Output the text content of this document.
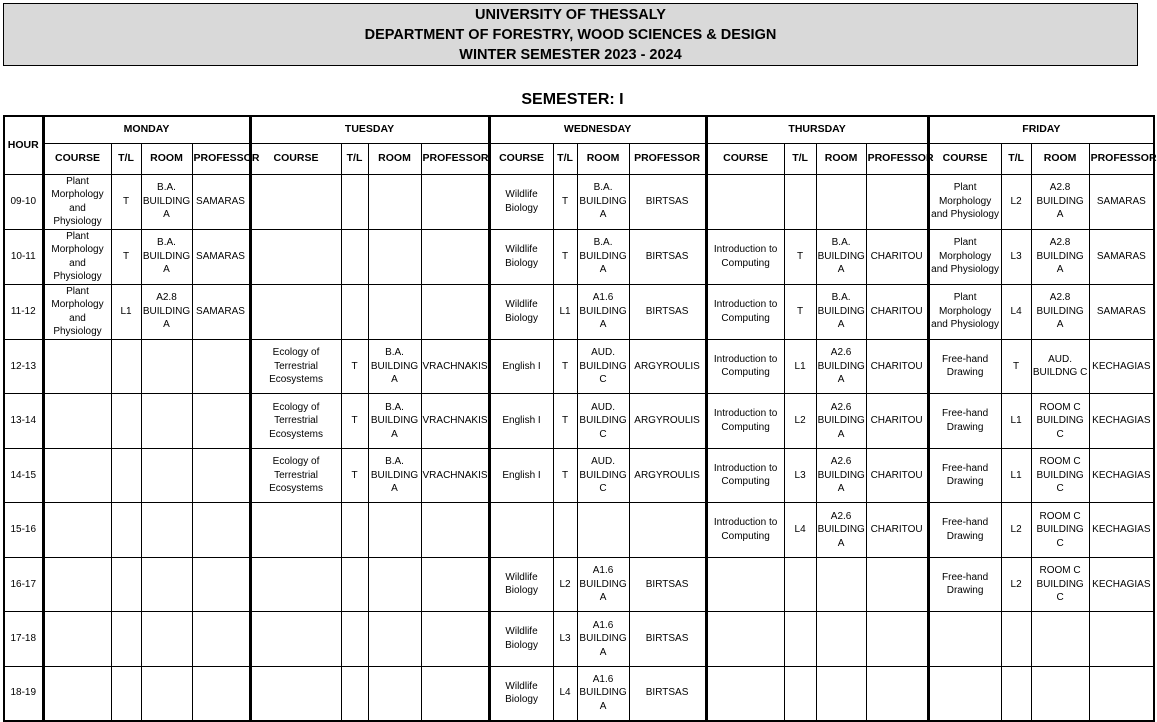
UNIVERSITY OF THESSALY
DEPARTMENT OF FORESTRY, WOOD SCIENCES & DESIGN
WINTER SEMESTER 2023 - 2024
SEMESTER: I
HOUR	MONDAY				TUESDAY				WEDNESDAY				THURSDAY				FRIDAY			
	COURSE	T/L	ROOM	PROFESSOR	COURSE	T/L	ROOM	PROFESSOR	COURSE	T/L	ROOM	PROFESSOR	COURSE	T/L	ROOM	PROFESSOR	COURSE	T/L	ROOM	PROFESSOR
09-10	Plant Morphology and Physiology	T	B.A. BUILDING A	SAMARAS					Wildlife Biology	T	B.A. BUILDING A	BIRTSAS					Plant Morphology and Physiology	L2	A2.8 BUILDING A	SAMARAS
10-11	Plant Morphology and Physiology	T	B.A. BUILDING A	SAMARAS					Wildlife Biology	T	B.A. BUILDING A	BIRTSAS	Introduction to Computing	T	B.A. BUILDING A	CHARITOU	Plant Morphology and Physiology	L3	A2.8 BUILDING A	SAMARAS
11-12	Plant Morphology and Physiology	L1	A2.8 BUILDING A	SAMARAS					Wildlife Biology	L1	A1.6 BUILDING A	BIRTSAS	Introduction to Computing	T	B.A. BUILDING A	CHARITOU	Plant Morphology and Physiology	L4	A2.8 BUILDING A	SAMARAS
12-13					Ecology of Terrestrial Ecosystems	T	B.A. BUILDING A	VRACHNAKIS	English I	T	AUD. BUILDING C	ARGYROULIS	Introduction to Computing	L1	A2.6 BUILDING A	CHARITOU	Free-hand Drawing	T	AUD. BUILDNG C	KECHAGIAS
13-14					Ecology of Terrestrial Ecosystems	T	B.A. BUILDING A	VRACHNAKIS	English I	T	AUD. BUILDING C	ARGYROULIS	Introduction to Computing	L2	A2.6 BUILDING A	CHARITOU	Free-hand Drawing	L1	ROOM C BUILDING C	KECHAGIAS
14-15					Ecology of Terrestrial Ecosystems	T	B.A. BUILDING A	VRACHNAKIS	English I	T	AUD. BUILDING C	ARGYROULIS	Introduction to Computing	L3	A2.6 BUILDING A	CHARITOU	Free-hand Drawing	L1	ROOM C BUILDING C	KECHAGIAS
15-16													Introduction to Computing	L4	A2.6 BUILDING A	CHARITOU	Free-hand Drawing	L2	ROOM C BUILDING C	KECHAGIAS
16-17									Wildlife Biology	L2	A1.6 BUILDING A	BIRTSAS					Free-hand Drawing	L2	ROOM C BUILDING C	KECHAGIAS
17-18									Wildlife Biology	L3	A1.6 BUILDING A	BIRTSAS								
18-19									Wildlife Biology	L4	A1.6 BUILDING A	BIRTSAS								
